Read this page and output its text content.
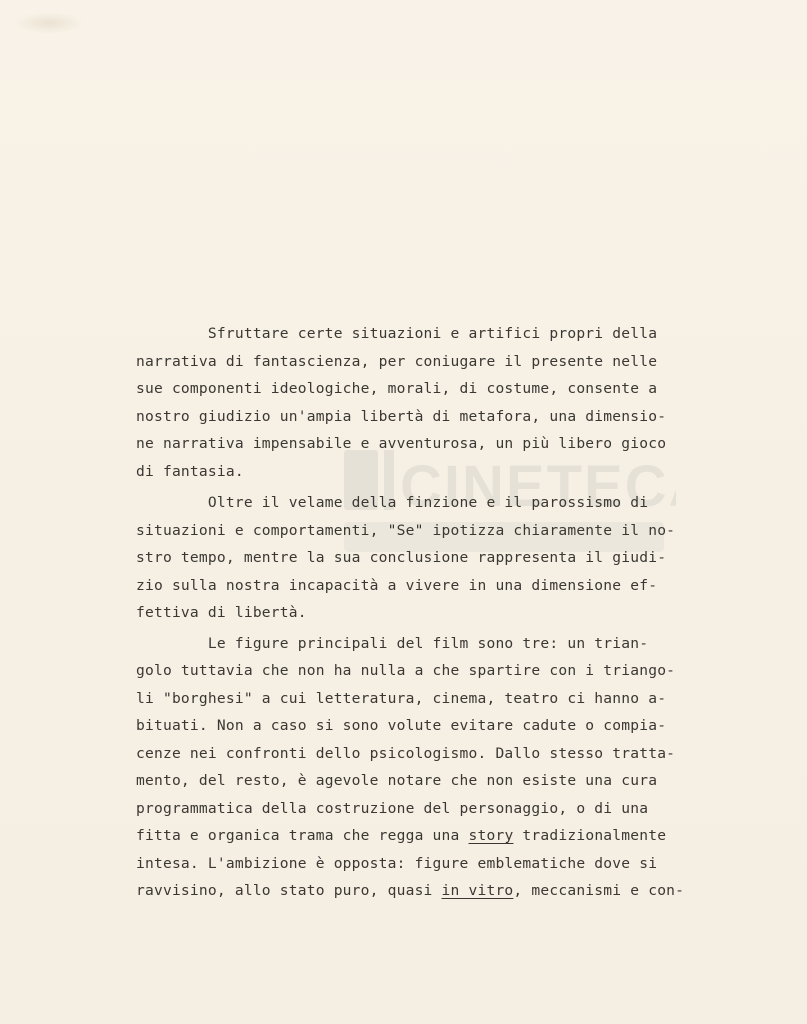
CINETEC
Sfruttare certe situazioni e artifici propri della
narrativa di fantascienza, per coniugare il presente nelle
sue componenti ideologiche, morali, di costume, consente a
nostro giudizio un'ampia libertà di metafora, una dimensio-
ne narrativa impensabile e avventurosa, un più libero gioco
di fantasia.
Oltre il velame della finzione e il parossismo di
situazioni e comportamenti, "Se" ipotizza chiaramente il no-
stro tempo, mentre la sua conclusione rappresenta il giudi-
zio sulla nostra incapacità a vivere in una dimensione ef-
fettiva di libertà.
Le figure principali del film sono tre: un trian-
golo tuttavia che non ha nulla a che spartire con i triango-
li "borghesi" a cui letteratura, cinema, teatro ci hanno a-
bituati. Non a caso si sono volute evitare cadute o compia-
cenze nei confronti dello psicologismo. Dallo stesso tratta-
mento, del resto, è agevole notare che non esiste una cura
programmatica della costruzione del personaggio, o di una
fitta e organica trama che regga una story tradizionalmente
intesa. L'ambizione è opposta: figure emblematiche dove si
ravvisino, allo stato puro, quasi in vitro, meccanismi e con-
